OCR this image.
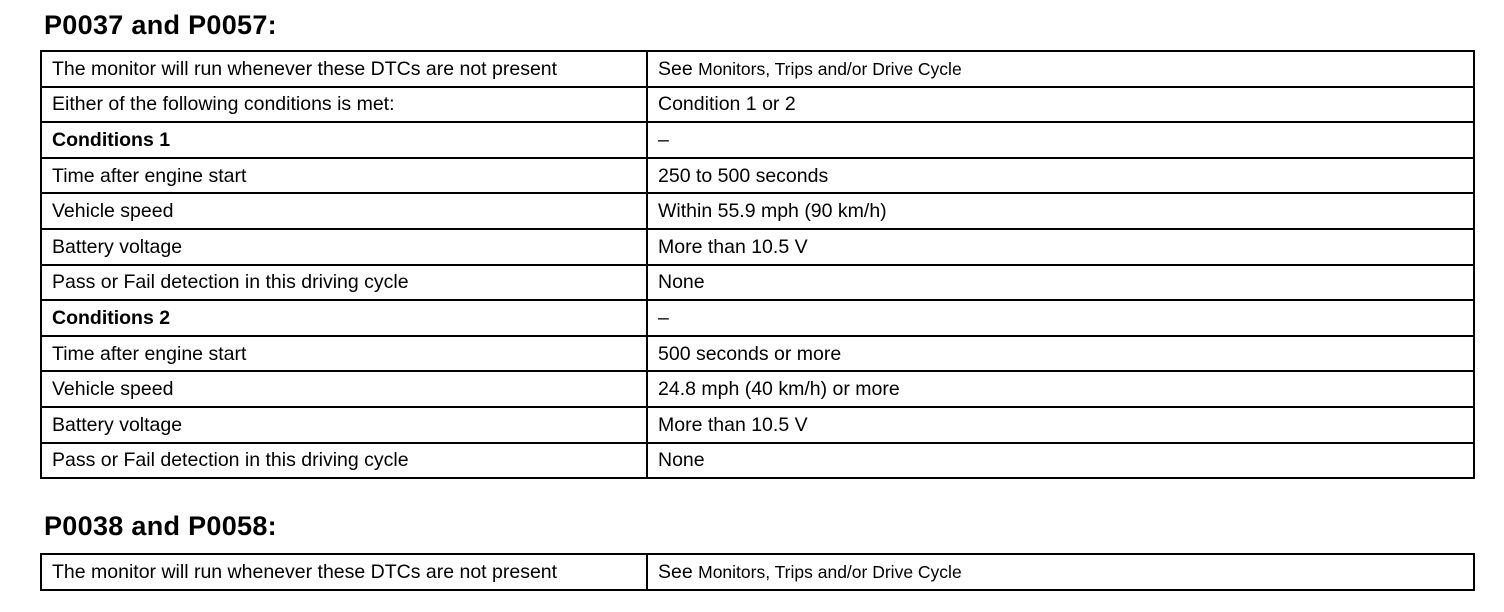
P0037 and P0057:
The monitor will run whenever these DTCs are not present	See Monitors, Trips and/or Drive Cycle
Either of the following conditions is met:	Condition 1 or 2
Conditions 1	–
Time after engine start	250 to 500 seconds
Vehicle speed	Within 55.9 mph (90 km/h)
Battery voltage	More than 10.5 V
Pass or Fail detection in this driving cycle	None
Conditions 2	–
Time after engine start	500 seconds or more
Vehicle speed	24.8 mph (40 km/h) or more
Battery voltage	More than 10.5 V
Pass or Fail detection in this driving cycle	None
P0038 and P0058:
The monitor will run whenever these DTCs are not present	See Monitors, Trips and/or Drive Cycle
